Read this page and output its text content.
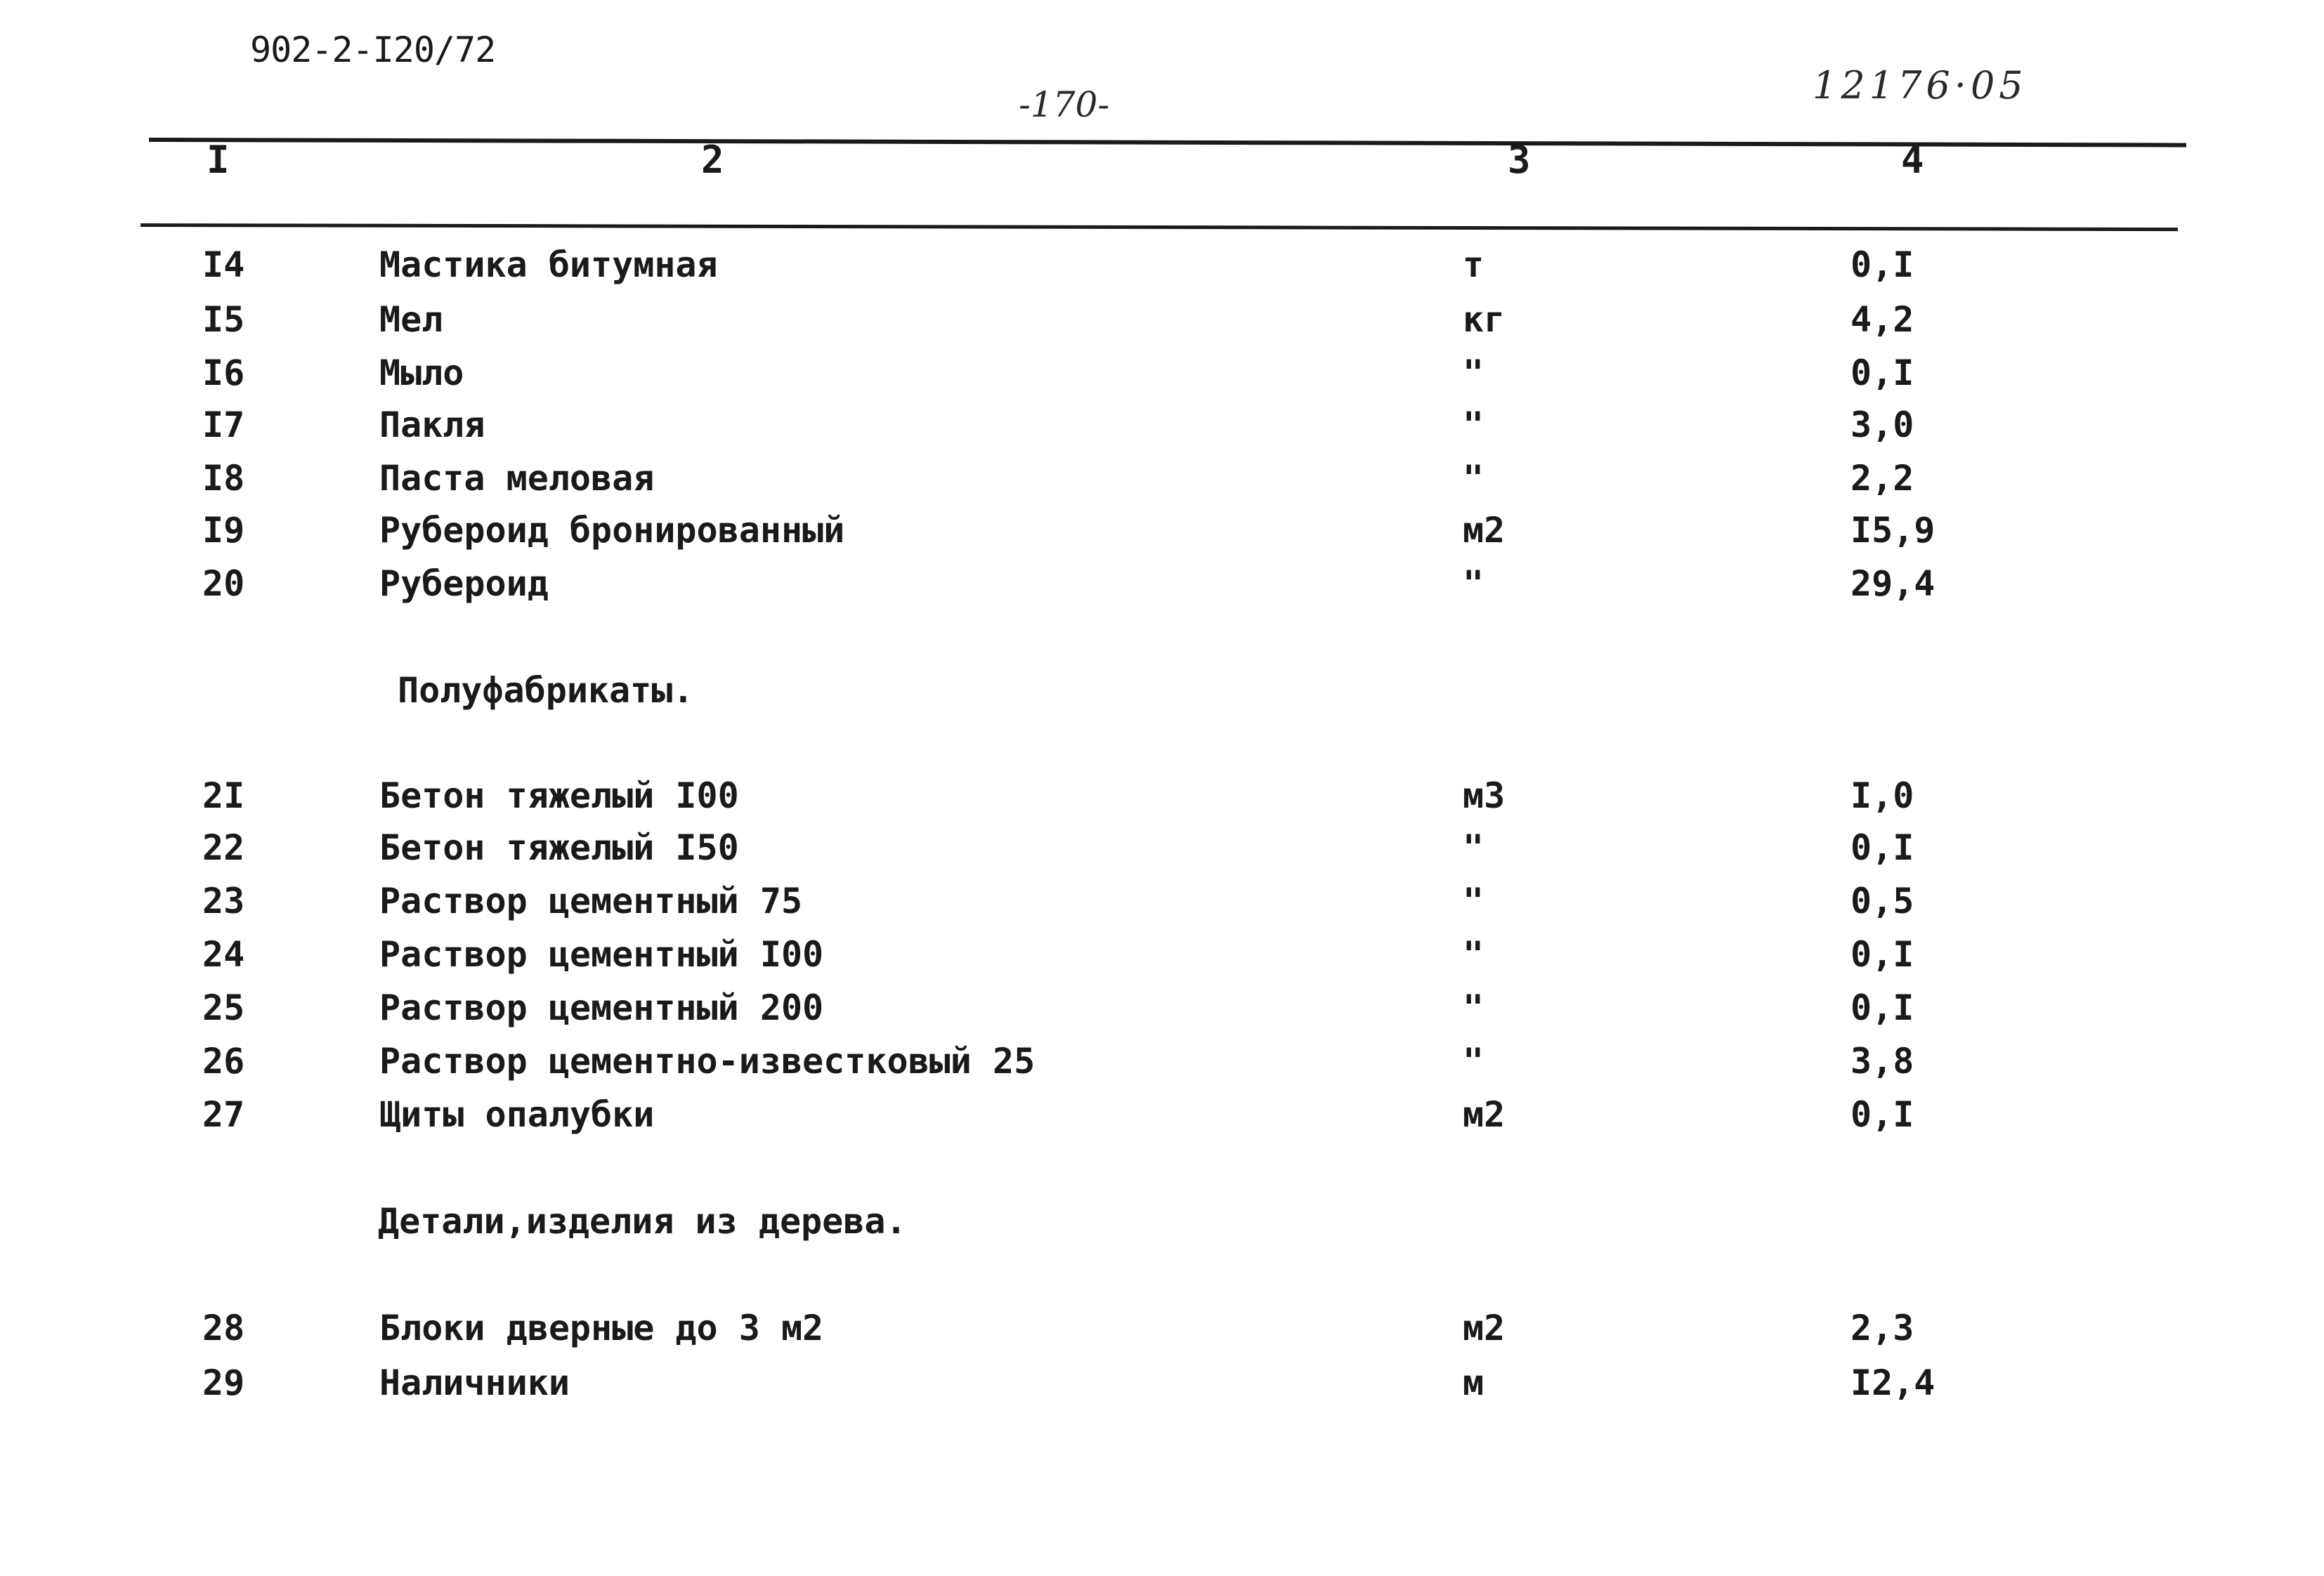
902-2-I20/72
-170-	12176·05
I	2	3	4
I4	Мастика битумная	т	0,I
I5	Мел	кг	4,2
I6	Мыло	"	0,I
I7	Пакля	"	3,0
I8	Паста меловая	"	2,2
I9	Рубероид бронированный	м2	I5,9
20	Рубероид	"	29,4
Полуфабрикаты.
2I	Бетон тяжелый I00	м3	I,0
22	Бетон тяжелый I50	"	0,I
23	Раствор цементный 75	"	0,5
24	Раствор цементный I00	"	0,I
25	Раствор цементный 200	"	0,I
26	Раствор цементно-известковый 25	"	3,8
27	Щиты опалубки	м2	0,I
Детали,изделия из дерева.
28	Блоки дверные до 3 м2	м2	2,3
29	Наличники	м	I2,4
